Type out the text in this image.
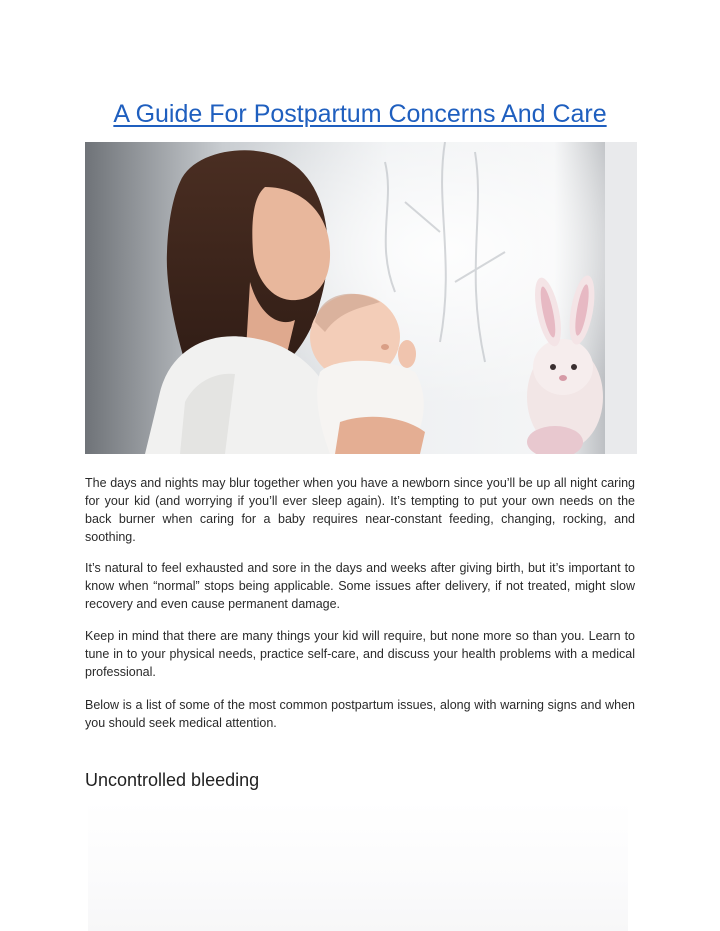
A Guide For Postpartum Concerns And Care

The days and nights may blur together when you have a newborn since you’ll be up all night caring for your kid (and worrying if you’ll ever sleep again). It’s tempting to put your own needs on the back burner when caring for a baby requires near-constant feeding, changing, rocking, and soothing.

It’s natural to feel exhausted and sore in the days and weeks after giving birth, but it’s important to know when “normal” stops being applicable. Some issues after delivery, if not treated, might slow recovery and even cause permanent damage.

Keep in mind that there are many things your kid will require, but none more so than you. Learn to tune in to your physical needs, practice self-care, and discuss your health problems with a medical professional.

Below is a list of some of the most common postpartum issues, along with warning signs and when you should seek medical attention.

Uncontrolled bleeding
